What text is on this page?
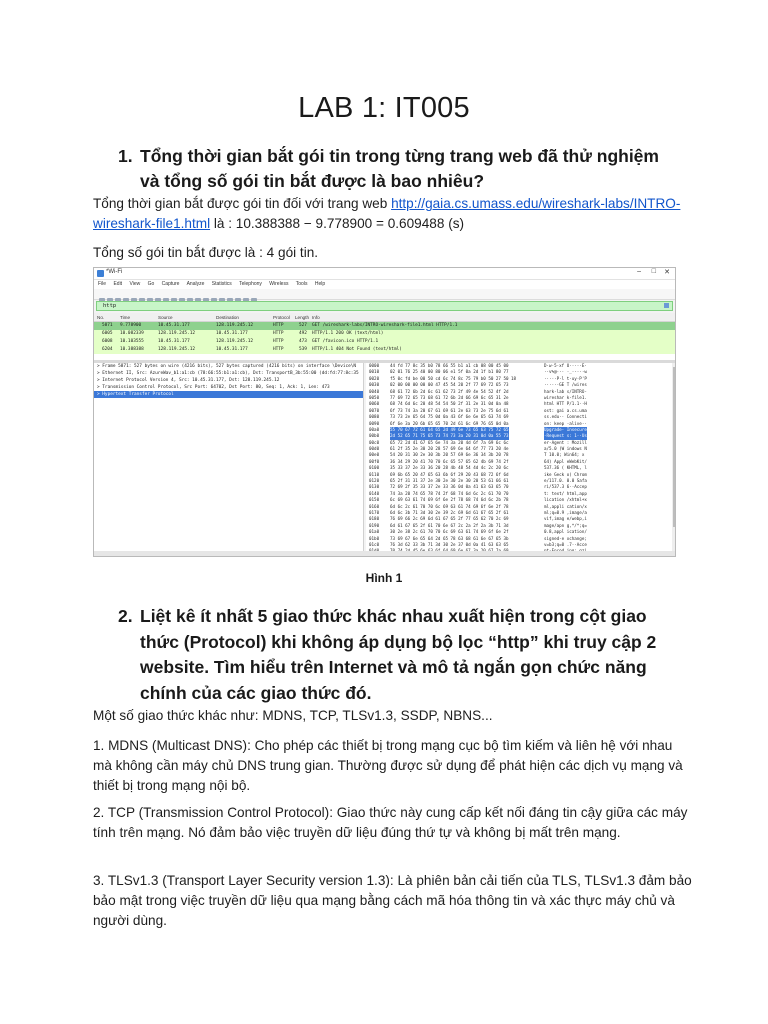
LAB 1: IT005
1. Tổng thời gian bắt gói tin trong từng trang web đã thử nghiệm và tổng số gói tin bắt được là bao nhiêu?
Tổng thời gian bắt được gói tin đối với trang web http://gaia.cs.umass.edu/wireshark-labs/INTRO-wireshark-file1.html là : 10.388388 − 9.778900 = 0.609488 (s)
Tổng số gói tin bắt được là : 4 gói tin.
*Wi-Fi	– □ ✕
File Edit View Go Capture Analyze Statistics Telephony Wireless Tools Help
http
No.	Time	Source	Destination	Protocol Length Info
5871 9.778900	10.45.31.177	128.119.245.12	HTTP	527 GET /wireshark-labs/INTRO-wireshark-file1.html HTTP/1.1
6005 10.082339	128.119.245.12	10.45.31.177	HTTP	492 HTTP/1.1 200 OK (text/html)
6008 10.103555	10.45.31.177	128.119.245.12	HTTP	473 GET /favicon.ico HTTP/1.1
6204 10.388388	128.119.245.12	10.45.31.177	HTTP	539 HTTP/1.1 404 Not Found (text/html)
> Frame 5871: 527 bytes on wire (4216 bits), 527 bytes captured (4216 bits) on interface \Device\N
> Ethernet II, Src: AzureWav_b1:a1:cb (78:66:55:b1:a1:cb), Dst: TransportB_3b:55:00 (dd:fd:77:8c:35
> Internet Protocol Version 4, Src: 10.45.31.177, Dst: 128.119.245.12
> Transmission Control Protocol, Src Port: 64702, Dst Port: 80, Seq: 1, Ack: 1, Len: 473
> Hypertext Transfer Protocol
0000	44 fd 77 8c 35 b0 78 66 55 b1 a1 cb 08 00 45 00	D·w·5·xf U·····E·
0010	02 01 76 25 40 00 80 06 e1 5f 0a 2d 1f b1 80 77	··v%@··· ·_·-···w
0020	f5 0c fd be 00 50 cd 6c 74 8c 75 79 b0 50 27 50 18	·····P·l t·uy·P'P
0030	02 00 00 00 00 00 47 45 54 20 2f 77 69 72 65 73	······GE T /wires
0040	68 61 72 6b 2d 6c 61 62 73 2f 49 4e 54 52 4f 2d	hark-lab s/INTRO-
0050	77 69 72 65 73 68 61 72 6b 2d 66 69 6c 65 31 2e	wireshar k-file1.
0060	68 74 6d 6c 20 48 54 54 50 2f 31 2e 31 0d 0a 48	html HTT P/1.1··H
0070	6f 73 74 3a 20 67 61 69 61 2e 63 73 2e 75 6d 61	ost: gai a.cs.uma
0080	73 73 2e 65 64 75 0d 0a 43 6f 6e 6e 65 63 74 69	ss.edu·· Connecti
0090	6f 6e 3a 20 6b 65 65 70 2d 61 6c 69 76 65 0d 0a	on: keep -alive··
00a0	55 70 67 72 61 64 65 2d 49 6e 73 65 63 75 72 65	Upgrade- Insecure
00b0	2d 52 65 71 75 65 73 74 73 3a 20 31 0d 0a 55 73	-Request s: 1··Us
00c0	65 72 2d 41 67 65 6e 74 3a 20 4d 6f 7a 69 6c 6c	er-Agent : Mozill
00d0	61 2f 35 2e 30 20 28 57 69 6e 64 6f 77 73 20 4e	a/5.0 (W indows N
00e0	54 20 31 30 2e 30 3b 20 57 69 6e 36 34 3b 20 78	T 10.0; Win64; x
00f0	36 34 29 20 41 70 70 6c 65 57 65 62 4b 69 74 2f	64) Appl eWebKit/
0100	35 33 37 2e 33 36 20 28 4b 48 54 4d 4c 2c 20 6c	537.36 ( KHTML, l
0110	69 6b 65 20 47 65 63 6b 6f 29 20 43 68 72 6f 6d	ike Geck o) Chrom
0120	65 2f 31 31 37 2e 30 2e 30 2e 30 20 53 61 66 61	e/117.0. 0.0 Safa
0130	72 69 2f 35 33 37 2e 33 36 0d 0a 41 63 63 65 70	ri/537.3 6··Accep
0140	74 3a 20 74 65 78 74 2f 68 74 6d 6c 2c 61 70 70	t: text/ html,app
0150	6c 69 63 61 74 69 6f 6e 2f 78 68 74 6d 6c 2b 78	lication /xhtml+x
0160	6d 6c 2c 61 70 70 6c 69 63 61 74 69 6f 6e 2f 78	ml,appli cation/x
0170	6d 6c 3b 71 3d 30 2e 39 2c 69 6d 61 67 65 2f 61	ml;q=0.9 ,image/a
0180	76 69 66 2c 69 6d 61 67 65 2f 77 65 62 70 2c 69	vif,imag e/webp,i
0190	6d 61 67 65 2f 61 70 6e 67 2c 2a 2f 2a 3b 71 3d	mage/apn g,*/*;q=
01a0	30 2e 38 2c 61 70 70 6c 69 63 61 74 69 6f 6e 2f	0.8,appl ication/
01b0	73 69 67 6e 65 64 2d 65 78 63 68 61 6e 67 65 3b	signed-e xchange;
01c0	76 3d 62 33 3b 71 3d 30 2e 37 0d 0a 41 63 63 65	v=b3;q=0 .7··Acce
Hình 1
2. Liệt kê ít nhất 5 giao thức khác nhau xuất hiện trong cột giao thức (Protocol) khi không áp dụng bộ lọc “http” khi truy cập 2 website. Tìm hiểu trên Internet và mô tả ngắn gọn chức năng chính của các giao thức đó.
Một số giao thức khác như: MDNS, TCP, TLSv1.3, SSDP, NBNS...
1. MDNS (Multicast DNS): Cho phép các thiết bị trong mạng cục bộ tìm kiếm và liên hệ với nhau mà không cần máy chủ DNS trung gian. Thường được sử dụng để phát hiện các dịch vụ mạng và thiết bị trong mạng nội bộ.
2. TCP (Transmission Control Protocol): Giao thức này cung cấp kết nối đáng tin cậy giữa các máy tính trên mạng. Nó đảm bảo việc truyền dữ liệu đúng thứ tự và không bị mất trên mạng.
3. TLSv1.3 (Transport Layer Security version 1.3): Là phiên bản cải tiến của TLS, TLSv1.3 đảm bảo bảo mật trong việc truyền dữ liệu qua mạng bằng cách mã hóa thông tin và xác thực máy chủ và người dùng.
